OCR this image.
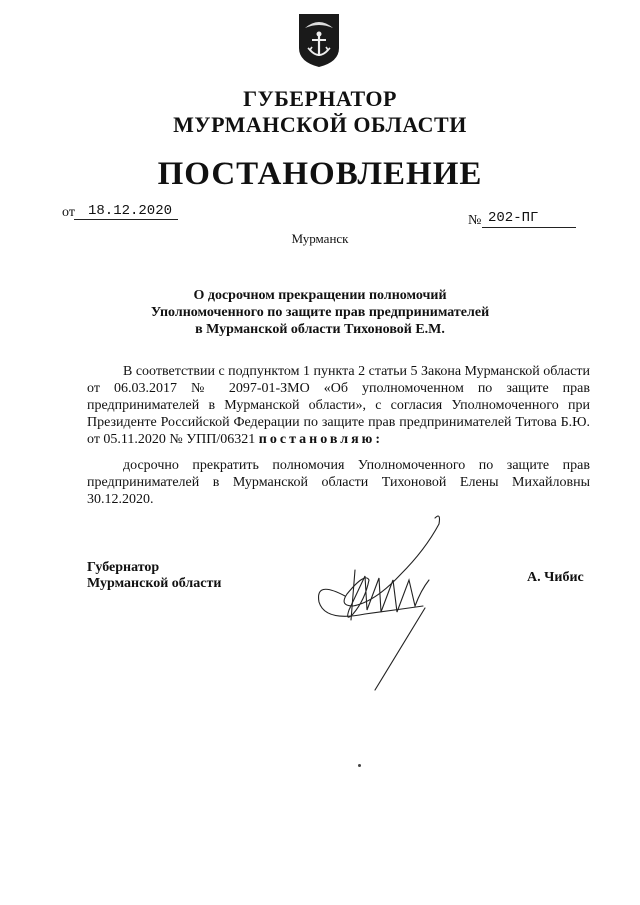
ГУБЕРНАТОР
МУРМАНСКОЙ ОБЛАСТИ
ПОСТАНОВЛЕНИЕ
от 18.12.2020
№ 202-ПГ
Мурманск
О досрочном прекращении полномочий
Уполномоченного по защите прав предпринимателей
в Мурманской области Тихоновой Е.М.
В соответствии с подпунктом 1 пункта 2 статьи 5 Закона Мурманской области от 06.03.2017 № 2097-01-ЗМО «Об уполномоченном по защите прав предпринимателей в Мурманской области», с согласия Уполномоченного при Президенте Российской Федерации по защите прав предпринимателей Титова Б.Ю. от 05.11.2020 № УПП/06321 постановляю:
досрочно прекратить полномочия Уполномоченного по защите прав предпринимателей в Мурманской области Тихоновой Елены Михайловны 30.12.2020.
Губернатор
Мурманской области	А. Чибис
